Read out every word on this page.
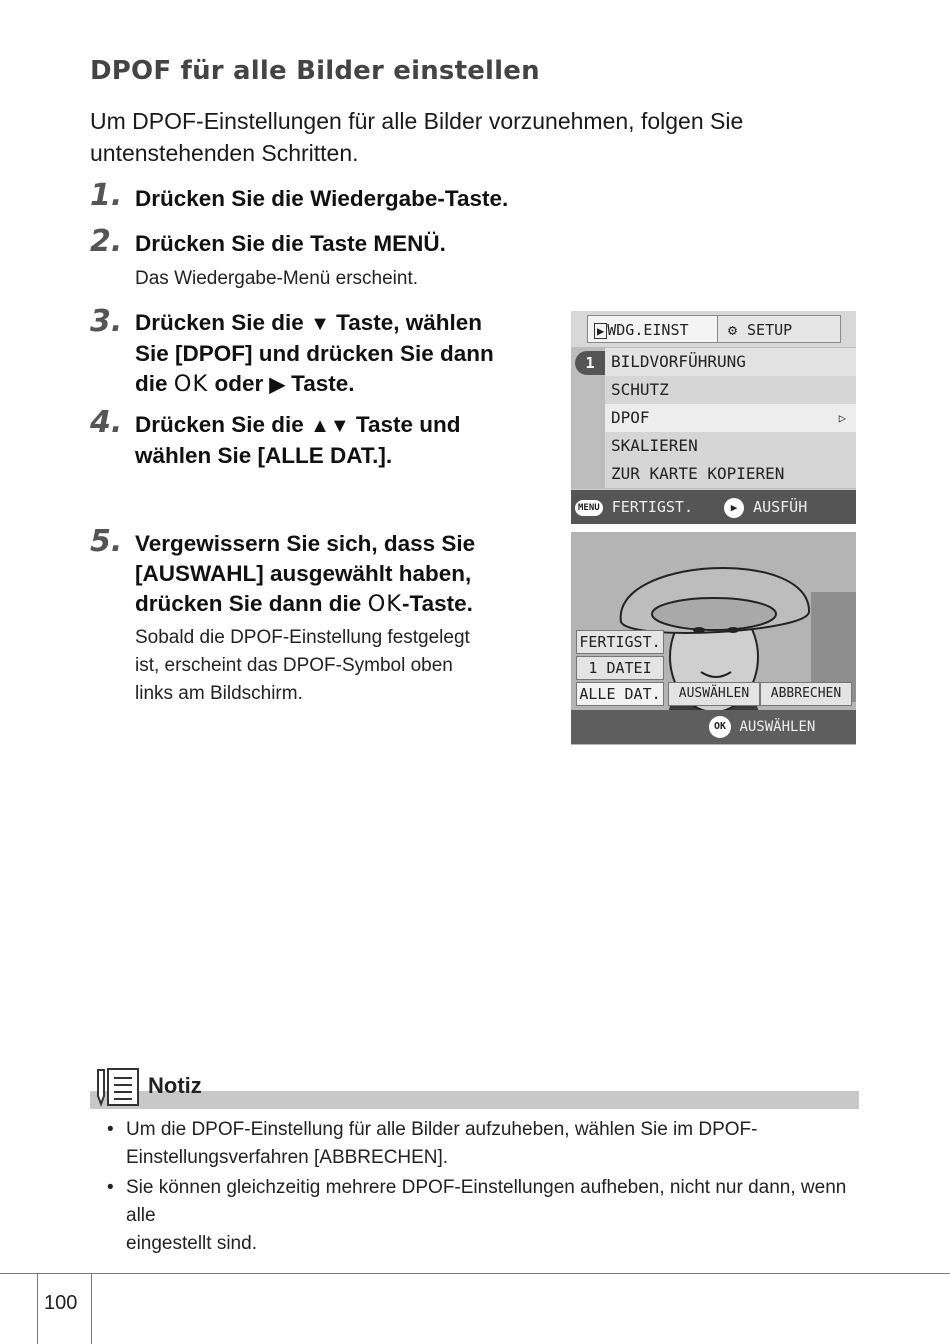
DPOF für alle Bilder einstellen

Um DPOF-Einstellungen für alle Bilder vorzunehmen, folgen Sie untenstehenden Schritten.

1. Drücken Sie die Wiedergabe-Taste.

2. Drücken Sie die Taste MENÜ.

Das Wiedergabe-Menü erscheint.

3. Drücken Sie die ▼ Taste, wählen
Sie [DPOF] und drücken Sie dann
die OK oder ▶ Taste.
4. Drücken Sie die ▲▼ Taste und
wählen Sie [ALLE DAT.].
5. Vergewissern Sie sich, dass Sie
[AUSWAHL] ausgewählt haben,
drücken Sie dann die OK-Taste.
Sobald die DPOF-Einstellung festgelegt
ist, erscheint das DPOF-Symbol oben
links am Bildschirm.
▶ WDG.EINST	⚙ SETUP
1	BILDVORFÜHRUNG
SCHUTZ
DPOF	▷
SKALIEREN
ZUR KARTE KOPIEREN
MENU FERTIGST.	▶ AUSFÜH
FERTIGST.
1 DATEI
ALLE DAT.	AUSWÄHLEN	ABBRECHEN
OK AUSWÄHLEN
Notiz
• Um die DPOF-Einstellung für alle Bilder aufzuheben, wählen Sie im DPOF-
Einstellungsverfahren [ABBRECHEN].
• Sie können gleichzeitig mehrere DPOF-Einstellungen aufheben, nicht nur dann, wenn alle
eingestellt sind.
100
